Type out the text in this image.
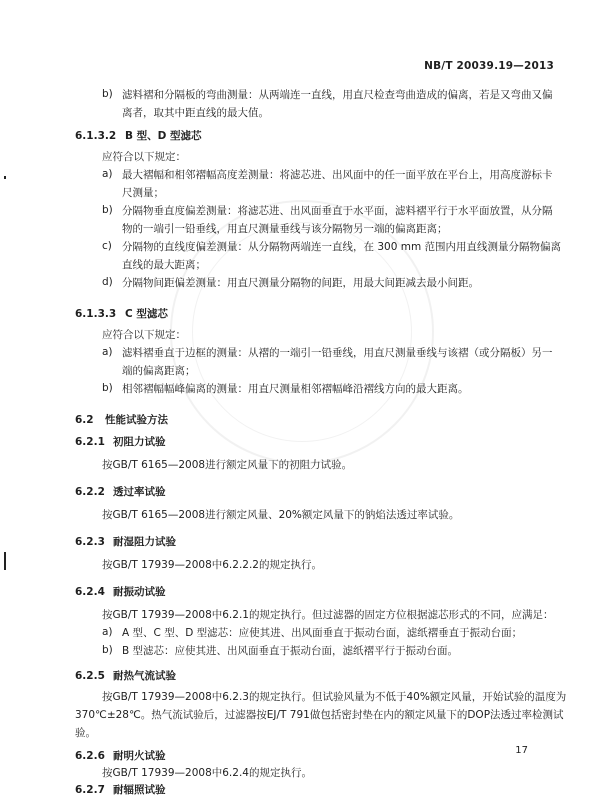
NB/T 20039.19—2013
b) 滤料褶和分隔板的弯曲测量：从两端连一直线，用直尺检查弯曲造成的偏离，若是又弯曲又偏
离者，取其中距直线的最大值。
6.1.3.2 B 型、D 型滤芯
应符合以下规定：
a) 最大褶幅和相邻褶幅高度差测量：将滤芯进、出风面中的任一面平放在平台上，用高度游标卡
尺测量；
b) 分隔物垂直度偏差测量：将滤芯进、出风面垂直于水平面，滤料褶平行于水平面放置，从分隔
物的一端引一铅垂线，用直尺测量垂线与该分隔物另一端的偏离距离；
c) 分隔物的直线度偏差测量：从分隔物两端连一直线，在 300 mm 范围内用直线测量分隔物偏离
直线的最大距离；
d) 分隔物间距偏差测量：用直尺测量分隔物的间距，用最大间距减去最小间距。
6.1.3.3 C 型滤芯
应符合以下规定：
a) 滤料褶垂直于边框的测量：从褶的一端引一铅垂线，用直尺测量垂线与该褶（或分隔板）另一
端的偏离距离；
b) 相邻褶幅幅峰偏离的测量：用直尺测量相邻褶幅峰沿褶线方向的最大距离。
6.2 性能试验方法
6.2.1 初阻力试验
按GB/T 6165—2008进行额定风量下的初阻力试验。
6.2.2 透过率试验
按GB/T 6165—2008进行额定风量、20%额定风量下的钠焰法透过率试验。
6.2.3 耐湿阻力试验
按GB/T 17939—2008中6.2.2.2的规定执行。
6.2.4 耐振动试验
按GB/T 17939—2008中6.2.1的规定执行。但过滤器的固定方位根据滤芯形式的不同，应满足：
a) A 型、C 型、D 型滤芯：应使其进、出风面垂直于振动台面，滤纸褶垂直于振动台面；
b) B 型滤芯：应使其进、出风面垂直于振动台面，滤纸褶平行于振动台面。
6.2.5 耐热气流试验
按GB/T 17939—2008中6.2.3的规定执行。但试验风量为不低于40%额定风量，开始试验的温度为
370℃±28℃。热气流试验后，过滤器按EJ/T 791做包括密封垫在内的额定风量下的DOP法透过率检测试
验。
6.2.6 耐明火试验
按GB/T 17939—2008中6.2.4的规定执行。
6.2.7 耐辐照试验
17
